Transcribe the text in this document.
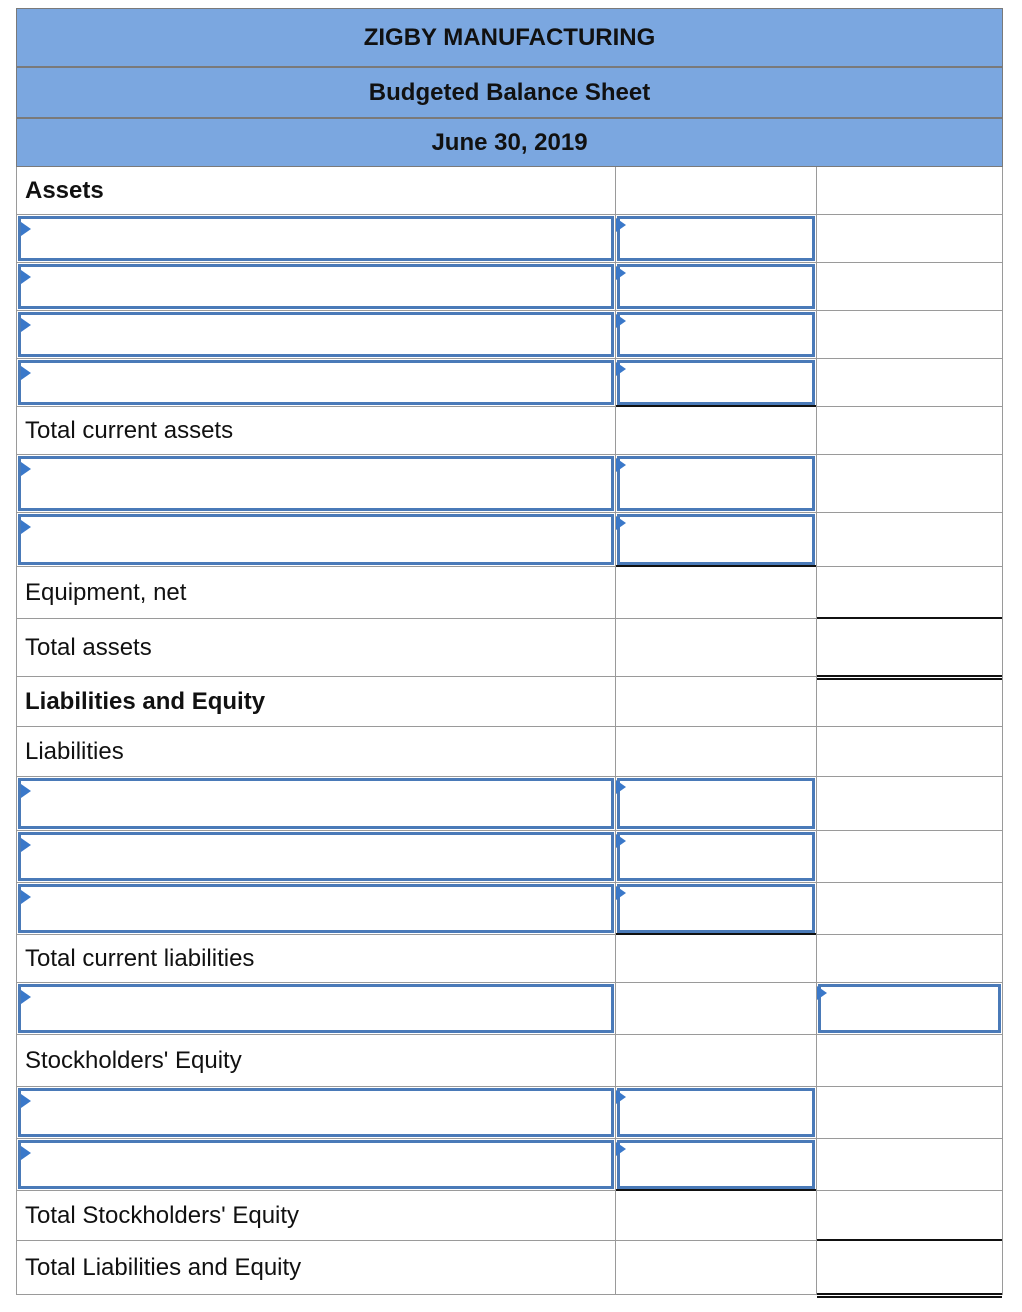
ZIGBY MANUFACTURING
Budgeted Balance Sheet
June 30, 2019
Assets
Total current assets
Equipment, net
Total assets
Liabilities and Equity
Liabilities
Total current liabilities
Stockholders' Equity
Total Stockholders' Equity
Total Liabilities and Equity
